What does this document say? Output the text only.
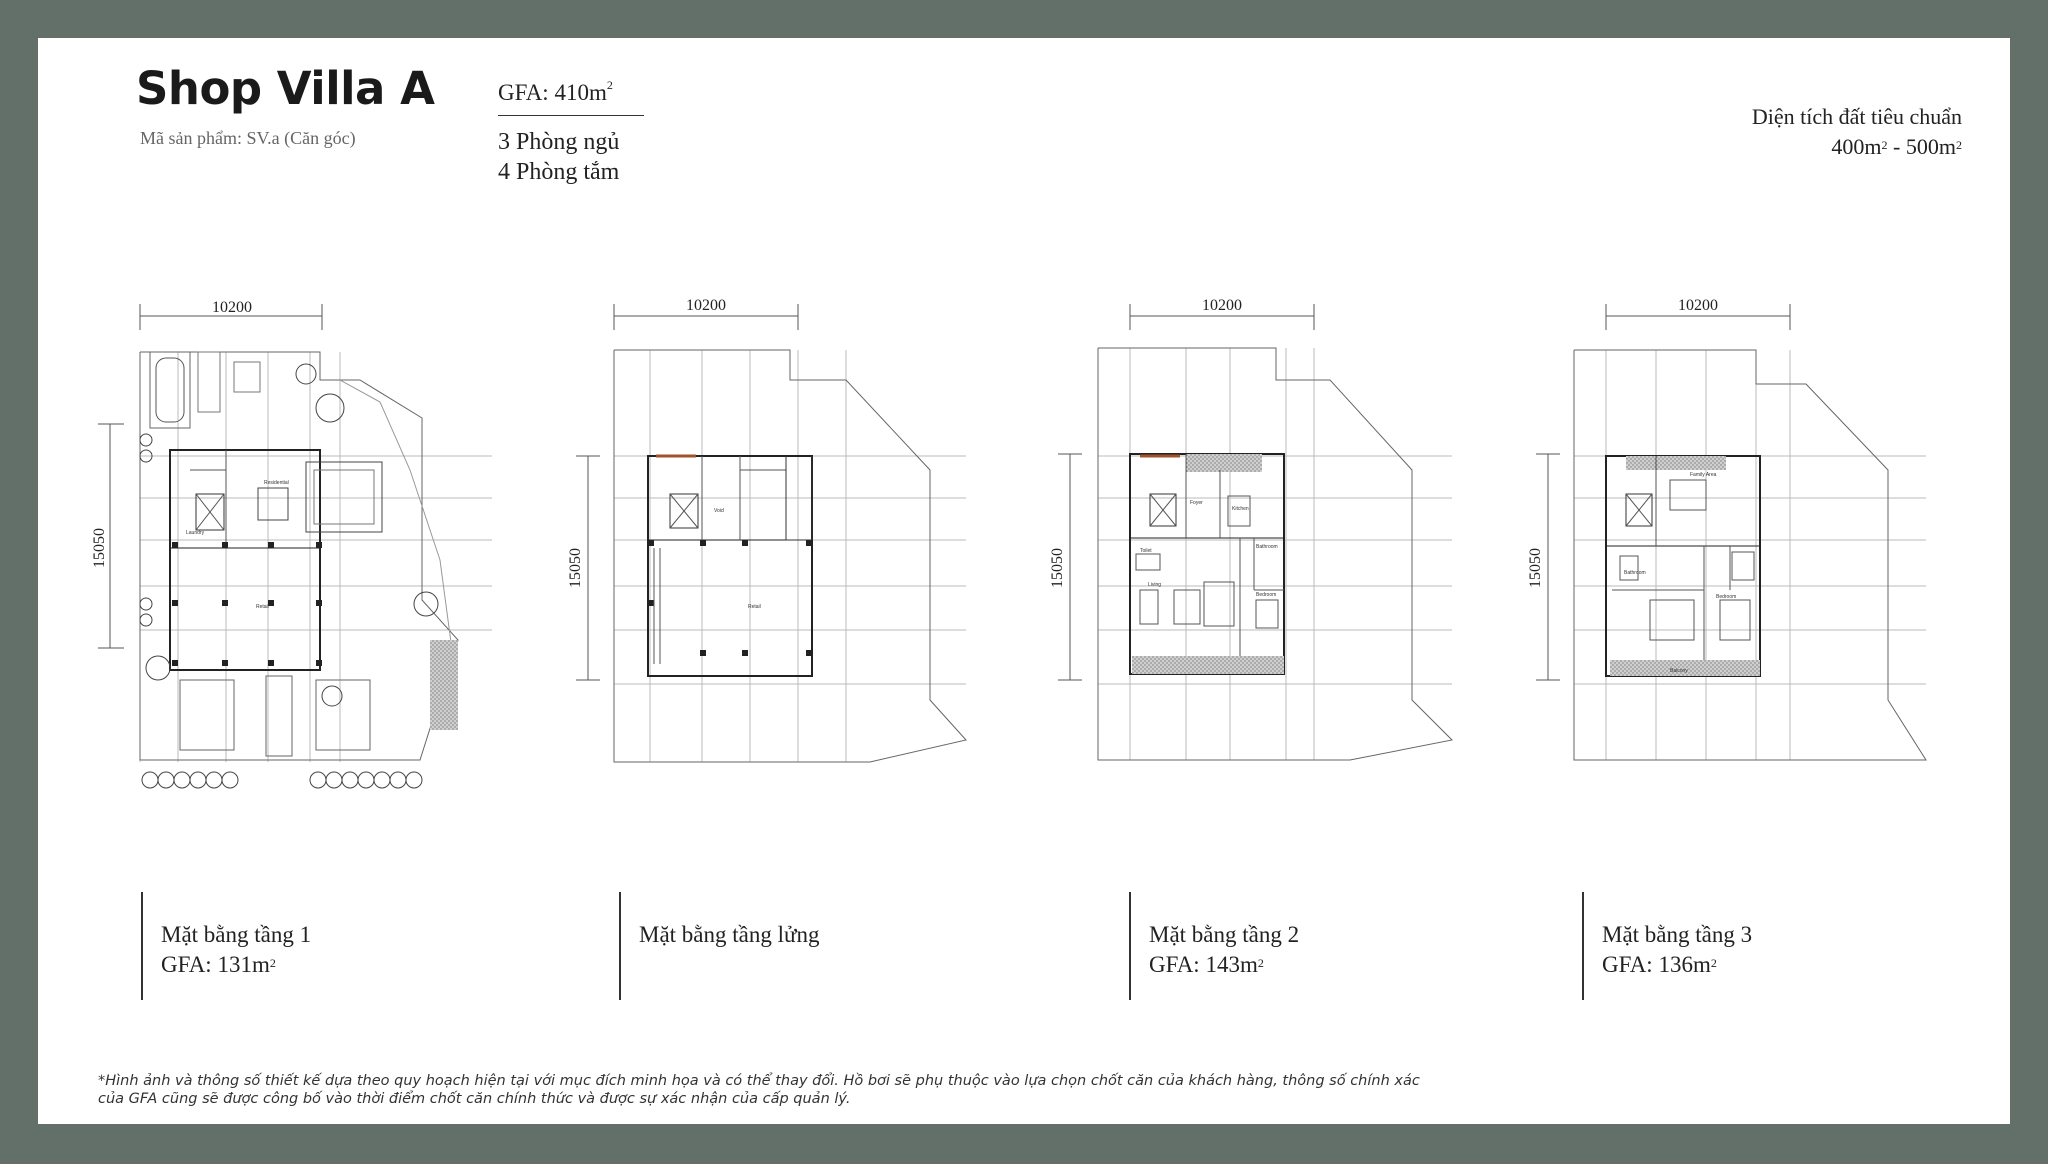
Shop Villa A
Mã sản phẩm: SV.a (Căn góc)
GFA: $410m^2$
3 Phòng ngủ
4 Phòng tắm
Diện tích đất tiêu chuẩn
$400m^2 - 500m^2$
10200	10200	10200	10200
15050	15050	15050	15050
Residential
Laundry
Retail
Void
Retail
Foyer
Kitchen
Toilet
Bathroom
Living
Bedroom
Family Area
Bathroom
Bedroom
Balcony
Mặt bằng tầng 1
GFA: $131m^2$
Mặt bằng tầng lửng	Mặt bằng tầng 2
GFA: $143m^2$
Mặt bằng tầng 3
GFA: $136m^2$
*Hình ảnh và thông số thiết kế dựa theo quy hoạch hiện tại với mục đích minh họa và có thể thay đổi. Hồ bơi sẽ phụ thuộc vào lựa chọn chốt căn của khách hàng, thông số chính xác
của GFA cũng sẽ được công bố vào thời điểm chốt căn chính thức và được sự xác nhận của cấp quản lý.
